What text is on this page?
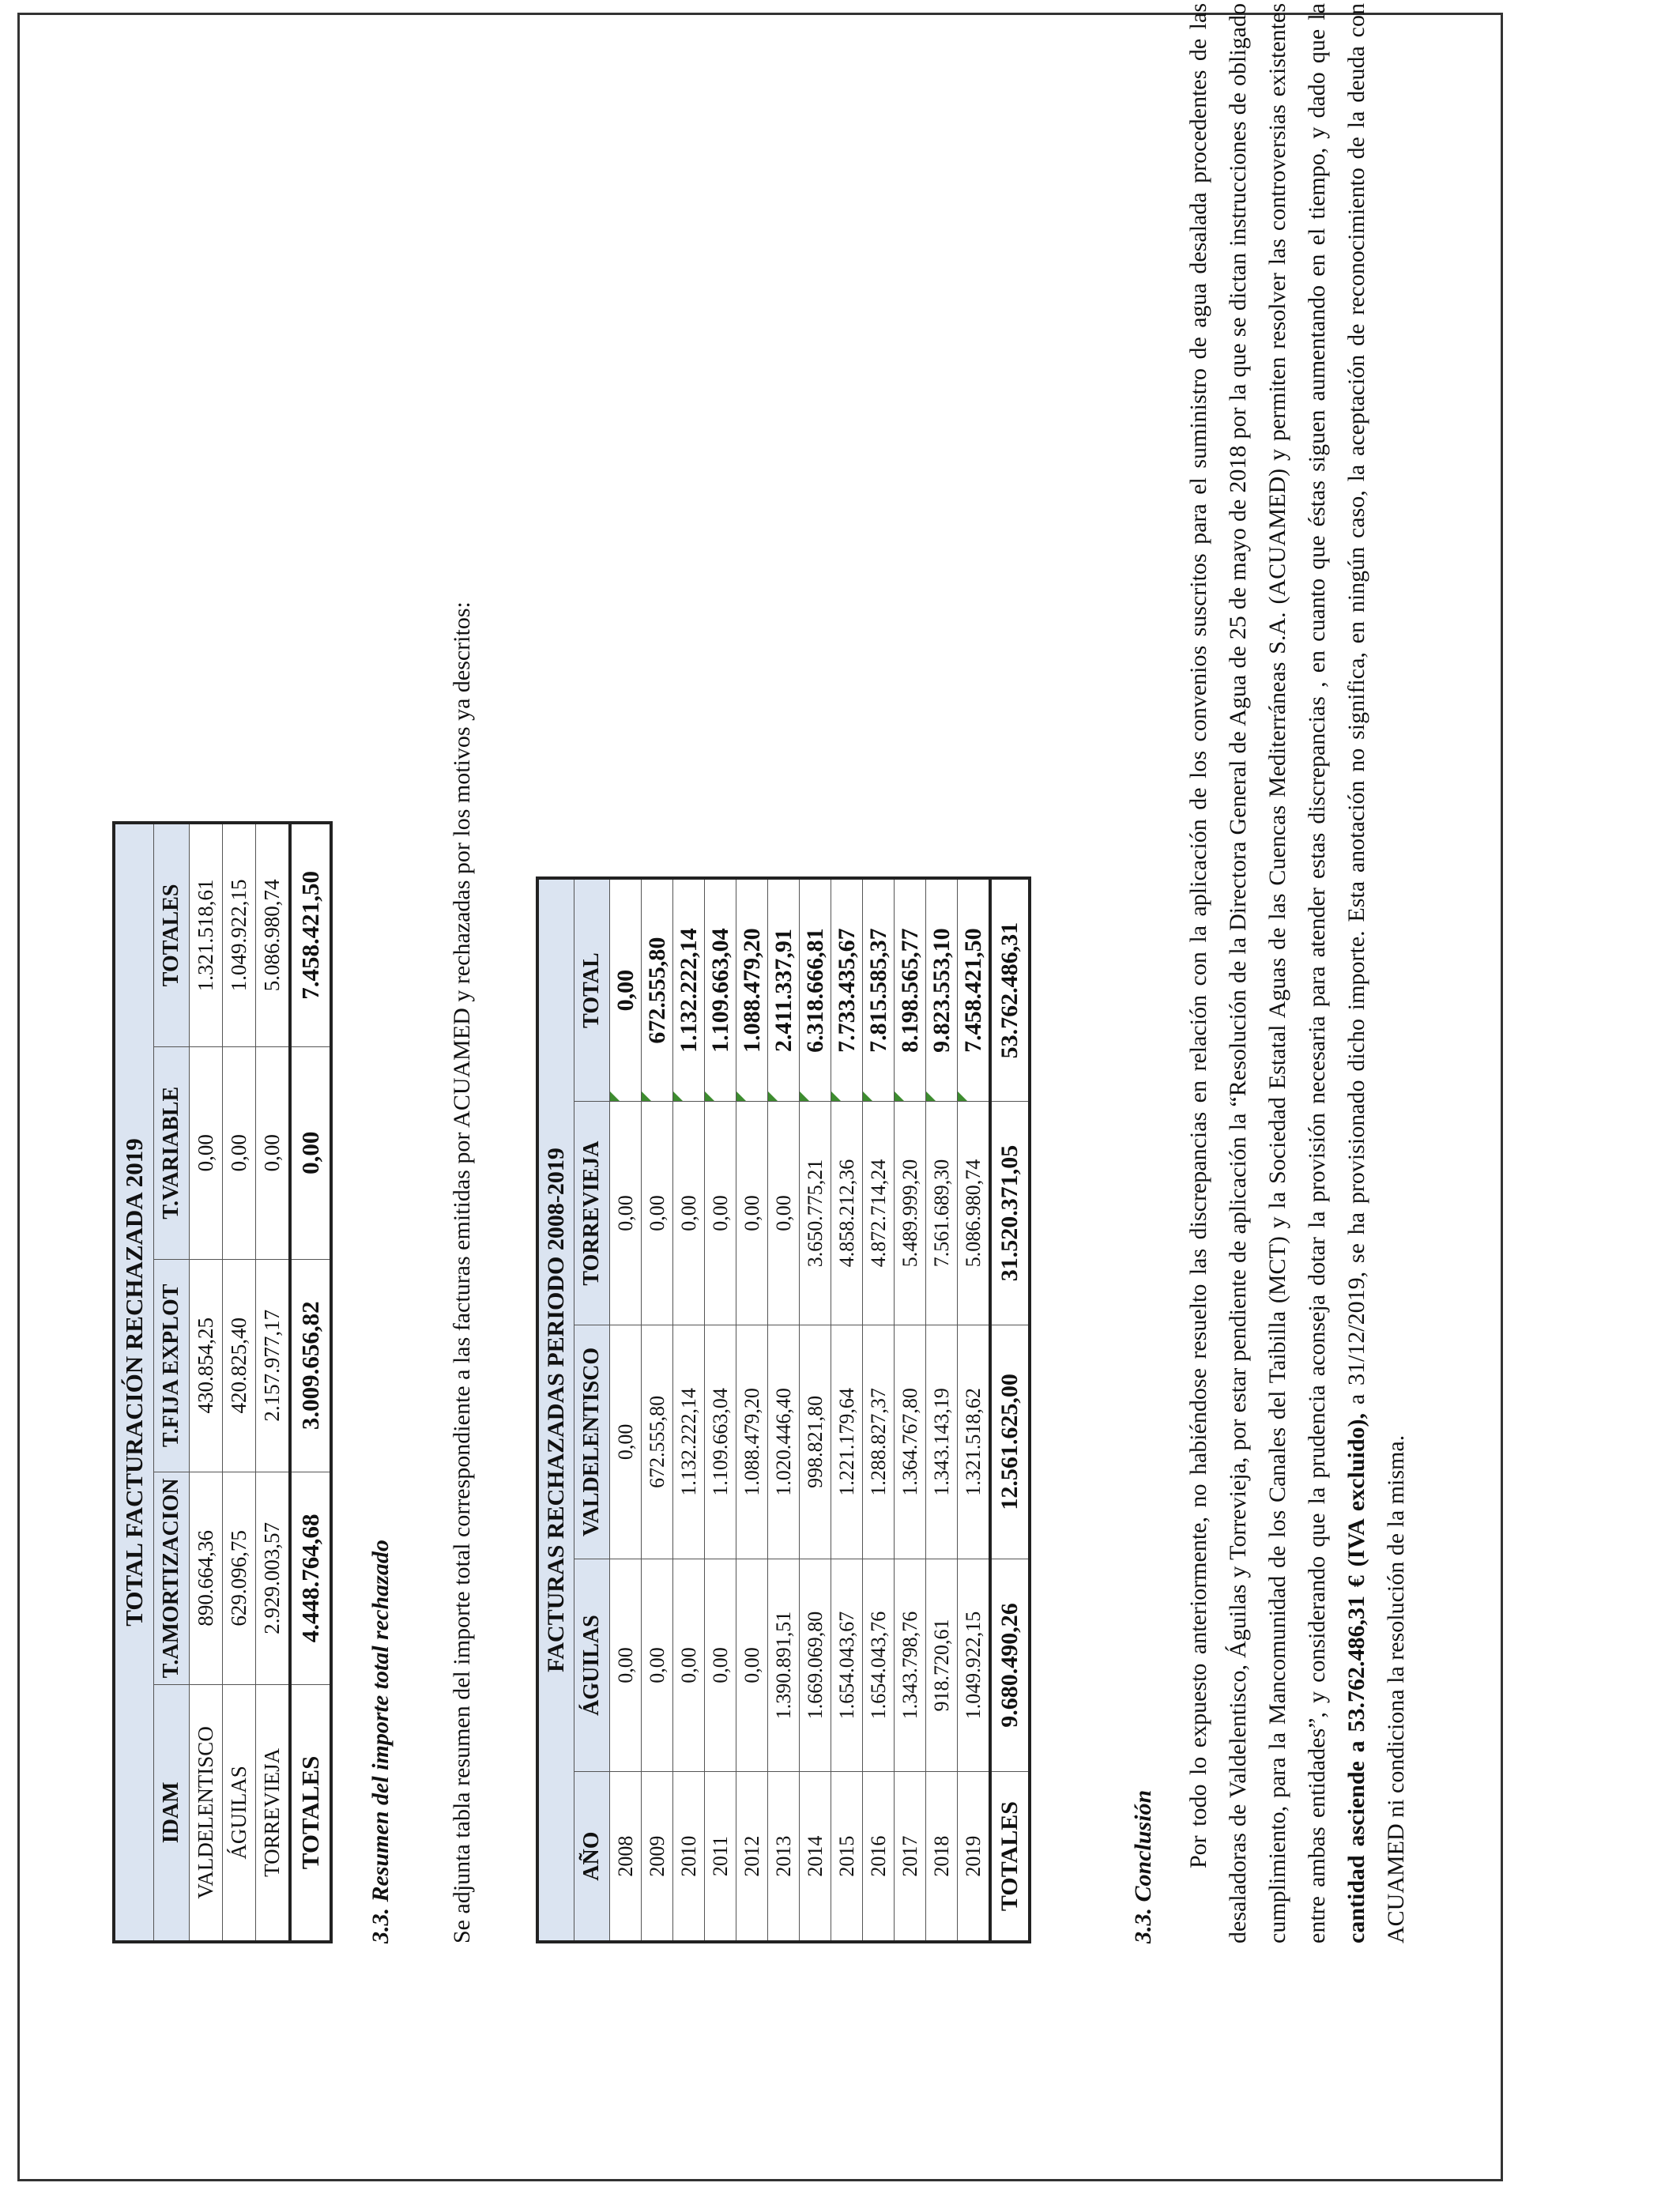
TOTAL FACTURACIÓN RECHAZADA 2019				
IDAM	T.AMORTIZACION	T.FIJA EXPLOT	T.VARIABLE	TOTALES
VALDELENTISCO	890.664,36	430.854,25	0,00	1.321.518,61
ÁGUILAS	629.096,75	420.825,40	0,00	1.049.922,15
TORREVIEJA	2.929.003,57	2.157.977,17	0,00	5.086.980,74
TOTALES	4.448.764,68	3.009.656,82	0,00	7.458.421,50
3.3. Resumen del importe total rechazado Se adjunta tabla resumen del importe total correspondiente a las facturas emitidas por ACUAMED y rechazadas por los motivos ya descritos:	FACTURAS RECHAZADAS PERIODO 2008-2019				
AÑO	ÁGUILAS	VALDELENTISCO	TORREVIEJA	TOTAL
2008	0,00	0,00	0,00	0,00
2009	0,00	672.555,80	0,00	672.555,80
2010	0,00	1.132.222,14	0,00	1.132.222,14
2011	0,00	1.109.663,04	0,00	1.109.663,04
2012	0,00	1.088.479,20	0,00	1.088.479,20
2013	1.390.891,51	1.020.446,40	0,00	2.411.337,91
2014	1.669.069,80	998.821,80	3.650.775,21	6.318.666,81
2015	1.654.043,67	1.221.179,64	4.858.212,36	7.733.435,67
2016	1.654.043,76	1.288.827,37	4.872.714,24	7.815.585,37
2017	1.343.798,76	1.364.767,80	5.489.999,20	8.198.565,77
2018	918.720,61	1.343.143,19	7.561.689,30	9.823.553,10
2019	1.049.922,15	1.321.518,62	5.086.980,74	7.458.421,50
TOTALES	9.680.490,26	12.561.625,00	31.520.371,05	53.762.486,31
3.3. Conclusión Por todo lo expuesto anteriormente, no habiéndose resuelto las discrepancias en relación con la aplicación de los convenios suscritos para el suministro de agua desalada procedentes de las desaladoras de Valdelentisco, Águilas y Torrevieja, por estar pendiente de aplicación la “Resolución de la Directora General de Agua de 25 de mayo de 2018 por la que se dictan instrucciones de obligado cumplimiento, para la Mancomunidad de los Canales del Taibilla (MCT) y la Sociedad Estatal Aguas de las Cuencas Mediterráneas S.A. (ACUAMED) y permiten resolver las controversias existentes entre ambas entidades”, y considerando que la prudencia aconseja dotar la provisión necesaria para atender estas discrepancias , en cuanto que éstas siguen aumentando en el tiempo, y dado que la cantidad asciende a 53.762.486,31 € (IVA excluido), a 31/12/2019, se ha provisionado dicho importe. Esta anotación no significa, en ningún caso, la aceptación de reconocimiento de la deuda con ACUAMED ni condiciona la resolución de la misma.
